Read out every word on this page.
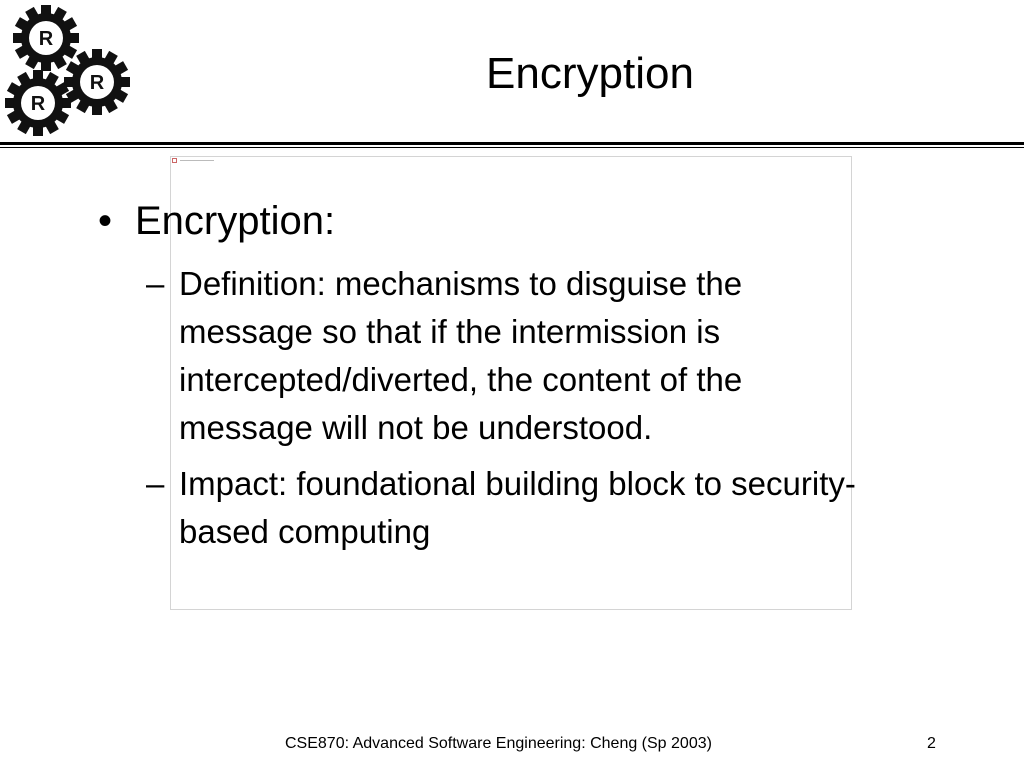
R
R
R
Encryption
• Encryption:
– Definition: mechanisms to disguise the message so that if the intermission is intercepted/diverted, the content of the message will not be understood.
– Impact: foundational building block to security-based computing
CSE870: Advanced Software Engineering: Cheng (Sp 2003)	2
